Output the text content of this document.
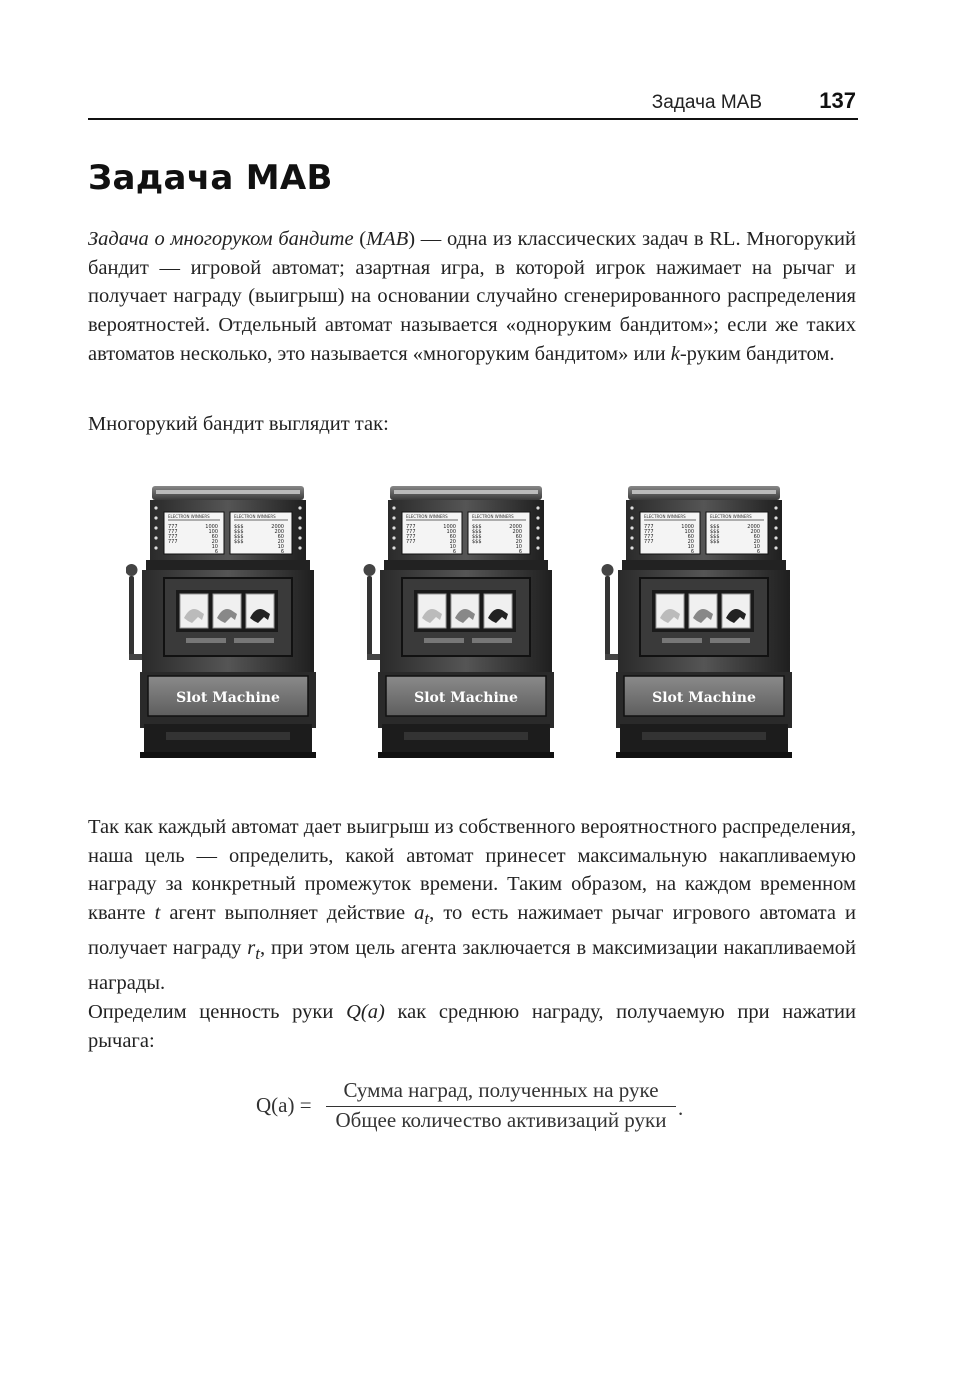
Задача MAB	137
Задача MAB

Задача о многоруком бандите (MAB) — одна из классических задач в RL. Многорукий бандит — игровой автомат; азартная игра, в которой игрок нажимает на рычаг и получает награду (выигрыш) на основании случайно сгенерированного распределения вероятностей. Отдельный автомат называется «одноруким бандитом»; если же таких автоматов несколько, это называется «многоруким бандитом» или k-руким бандитом.

Многорукий бандит выглядит так:

ELECTRON WINNERS	ELECTRON WINNERS
777	1000
777	100
777	60
777	20
10
6
$$$	2000
$$$	200
$$$	60
$$$	20
10
6
Slot Machine
ELECTRON WINNERS	ELECTRON WINNERS
777	1000
777	100
777	60
777	20
10
6
$$$	2000
$$$	200
$$$	60
$$$	20
10
6
Slot Machine
ELECTRON WINNERS	ELECTRON WINNERS
777	1000
777	100
777	60
777	20
10
6
$$$	2000
$$$	200
$$$	60
$$$	20
10
6
Slot Machine

Так как каждый автомат дает выигрыш из собственного вероятностного распределения, наша цель — определить, какой автомат принесет максимальную накапливаемую награду за конкретный промежуток времени. Таким образом, на каждом временном кванте t агент выполняет действие $a_t$, то есть нажимает рычаг игрового автомата и получает награду $r_t$, при этом цель агента заключается в максимизации накапливаемой награды.

Определим ценность руки Q(a) как среднюю награду, получаемую при нажатии рычага:

Q(a) =
Сумма наград, полученных на руке
Общее количество активизаций руки .
